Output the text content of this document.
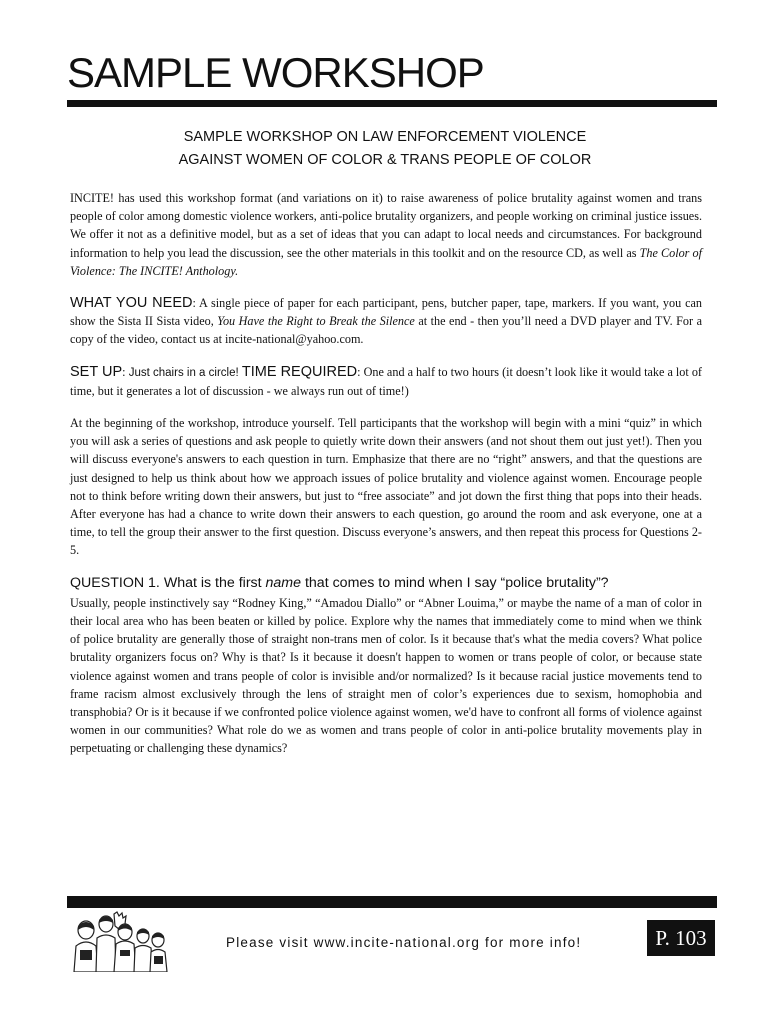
SAMPLE WORKSHOP
SAMPLE WORKSHOP ON LAW ENFORCEMENT VIOLENCE
AGAINST WOMEN OF COLOR & TRANS PEOPLE OF COLOR

INCITE! has used this workshop format (and variations on it) to raise awareness of police brutality against women and trans people of color among domestic violence workers, anti-police brutality organizers, and people working on criminal justice issues. We offer it not as a definitive model, but as a set of ideas that you can adapt to local needs and circumstances. For background information to help you lead the discussion, see the other materials in this toolkit and on the resource CD, as well as The Color of Violence: The INCITE! Anthology.

WHAT YOU NEED: A single piece of paper for each participant, pens, butcher paper, tape, markers. If you want, you can show the Sista II Sista video, You Have the Right to Break the Silence at the end - then you’ll need a DVD player and TV. For a copy of the video, contact us at incite-national@yahoo.com.

SET UP: Just chairs in a circle! TIME REQUIRED: One and a half to two hours (it doesn’t look like it would take a lot of time, but it generates a lot of discussion - we always run out of time!)

At the beginning of the workshop, introduce yourself. Tell participants that the workshop will begin with a mini “quiz” in which you will ask a series of questions and ask people to quietly write down their answers (and not shout them out just yet!). Then you will discuss everyone's answers to each question in turn. Emphasize that there are no “right” answers, and that the questions are just designed to help us think about how we approach issues of police brutality and violence against women. Encourage people not to think before writing down their answers, but just to “free associate” and jot down the first thing that pops into their heads. After everyone has had a chance to write down their answers to each question, go around the room and ask everyone, one at a time, to tell the group their answer to the first question. Discuss everyone’s answers, and then repeat this process for Questions 2-5.

QUESTION 1. What is the first name that comes to mind when I say “police brutality”?

Usually, people instinctively say “Rodney King,” “Amadou Diallo” or “Abner Louima,” or maybe the name of a man of color in their local area who has been beaten or killed by police. Explore why the names that immediately come to mind when we think of police brutality are generally those of straight non-trans men of color. Is it because that's what the media covers? What police brutality organizers focus on? Why is that? Is it because it doesn't happen to women or trans people of color, or because state violence against women and trans people of color is invisible and/or normalized? Is it because racial justice movements tend to frame racism almost exclusively through the lens of straight men of color’s experiences due to sexism, homophobia and transphobia? Or is it because if we confronted police violence against women, we'd have to confront all forms of violence against women in our communities? What role do we as women and trans people of color in anti-police brutality movements play in perpetuating or challenging these dynamics?

Please visit www.incite-national.org for more info!	P. 103
